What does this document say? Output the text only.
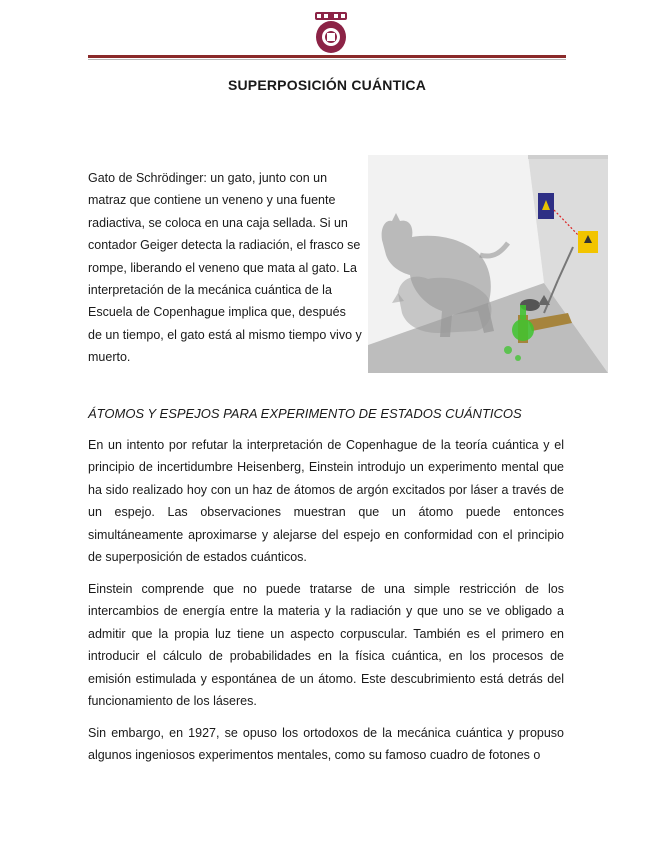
SUPERPOSICIÓN CUÁNTICA

Gato de Schrödinger: un gato, junto con un matraz que contiene un veneno y una fuente radiactiva, se coloca en una caja sellada. Si un contador Geiger detecta la radiación, el frasco se rompe, liberando el veneno que mata al gato. La interpretación de la mecánica cuántica de la Escuela de Copenhague implica que, después de un tiempo, el gato está al mismo tiempo vivo y muerto.

ÁTOMOS Y ESPEJOS PARA EXPERIMENTO DE ESTADOS CUÁNTICOS

En un intento por refutar la interpretación de Copenhague de la teoría cuántica y el principio de incertidumbre Heisenberg, Einstein introdujo un experimento mental que ha sido realizado hoy con un haz de átomos de argón excitados por láser a través de un espejo. Las observaciones muestran que un átomo puede entonces simultáneamente aproximarse y alejarse del espejo en conformidad con el principio de superposición de estados cuánticos.

Einstein comprende que no puede tratarse de una simple restricción de los intercambios de energía entre la materia y la radiación y que uno se ve obligado a admitir que la propia luz tiene un aspecto corpuscular. También es el primero en introducir el cálculo de probabilidades en la física cuántica, en los procesos de emisión estimulada y espontánea de un átomo. Este descubrimiento está detrás del funcionamiento de los láseres.

Sin embargo, en 1927, se opuso los ortodoxos de la mecánica cuántica y propuso algunos ingeniosos experimentos mentales, como su famoso cuadro de fotones o
